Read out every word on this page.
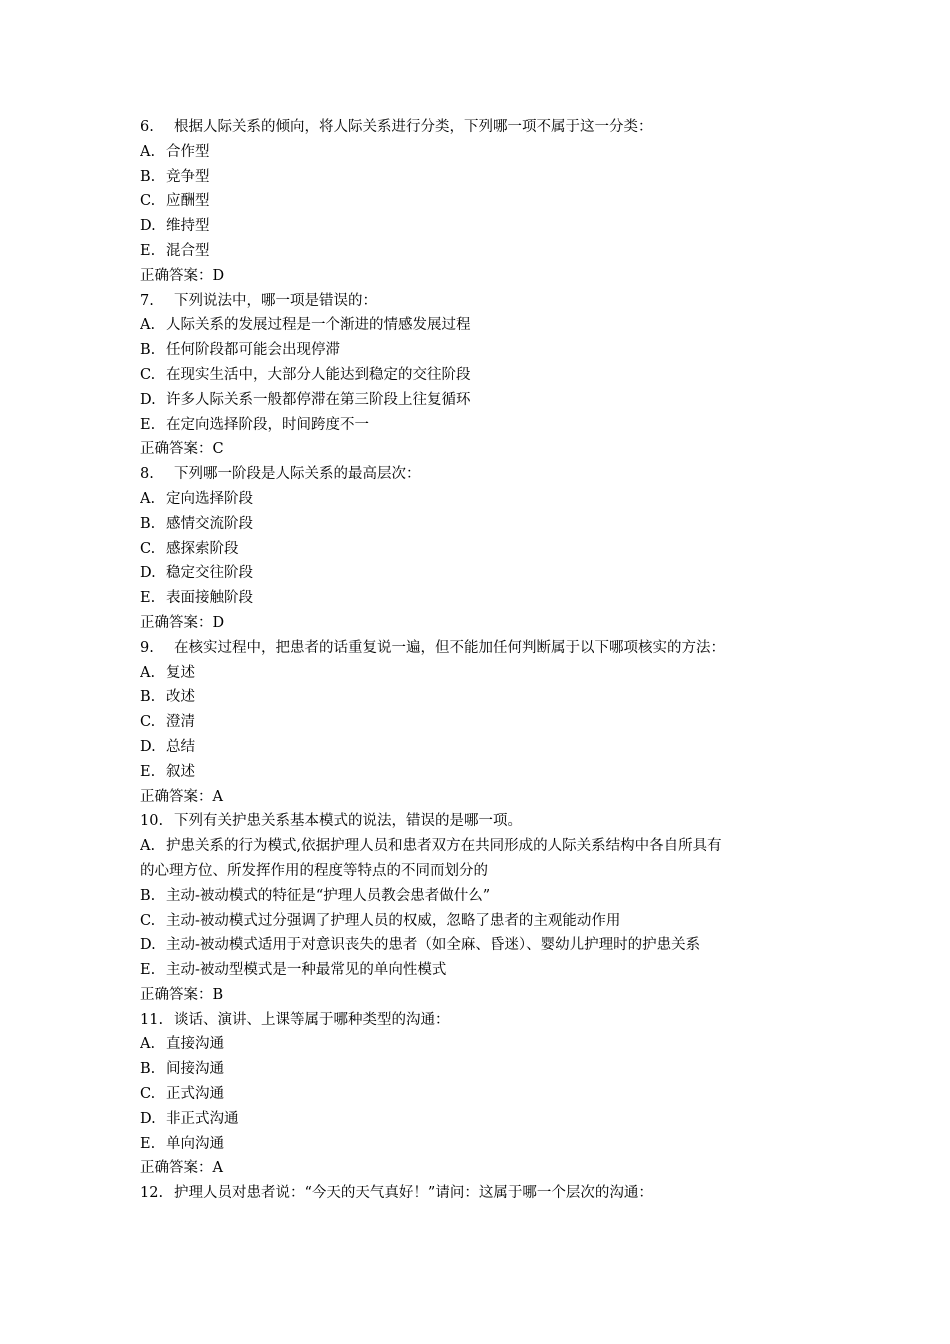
6. 根据人际关系的倾向，将人际关系进行分类，下列哪一项不属于这一分类：
A. 合作型
B. 竞争型
C. 应酬型
D. 维持型
E. 混合型
正确答案：D
7. 下列说法中，哪一项是错误的：
A. 人际关系的发展过程是一个渐进的情感发展过程
B. 任何阶段都可能会出现停滞
C. 在现实生活中，大部分人能达到稳定的交往阶段
D. 许多人际关系一般都停滞在第三阶段上往复循环
E. 在定向选择阶段，时间跨度不一
正确答案：C
8. 下列哪一阶段是人际关系的最高层次：
A. 定向选择阶段
B. 感情交流阶段
C. 感探索阶段
D. 稳定交往阶段
E. 表面接触阶段
正确答案：D
9. 在核实过程中，把患者的话重复说一遍，但不能加任何判断属于以下哪项核实的方法：
A. 复述
B. 改述
C. 澄清
D. 总结
E. 叙述
正确答案：A
10. 下列有关护患关系基本模式的说法，错误的是哪一项。
A. 护患关系的行为模式,依据护理人员和患者双方在共同形成的人际关系结构中各自所具有
的心理方位、所发挥作用的程度等特点的不同而划分的
B. 主动-被动模式的特征是“护理人员教会患者做什么”
C. 主动-被动模式过分强调了护理人员的权威，忽略了患者的主观能动作用
D. 主动-被动模式适用于对意识丧失的患者（如全麻、昏迷）、婴幼儿护理时的护患关系
E. 主动-被动型模式是一种最常见的单向性模式
正确答案：B
11. 谈话、演讲、上课等属于哪种类型的沟通：
A. 直接沟通
B. 间接沟通
C. 正式沟通
D. 非正式沟通
E. 单向沟通
正确答案：A
12. 护理人员对患者说：“今天的天气真好！”请问：这属于哪一个层次的沟通：
